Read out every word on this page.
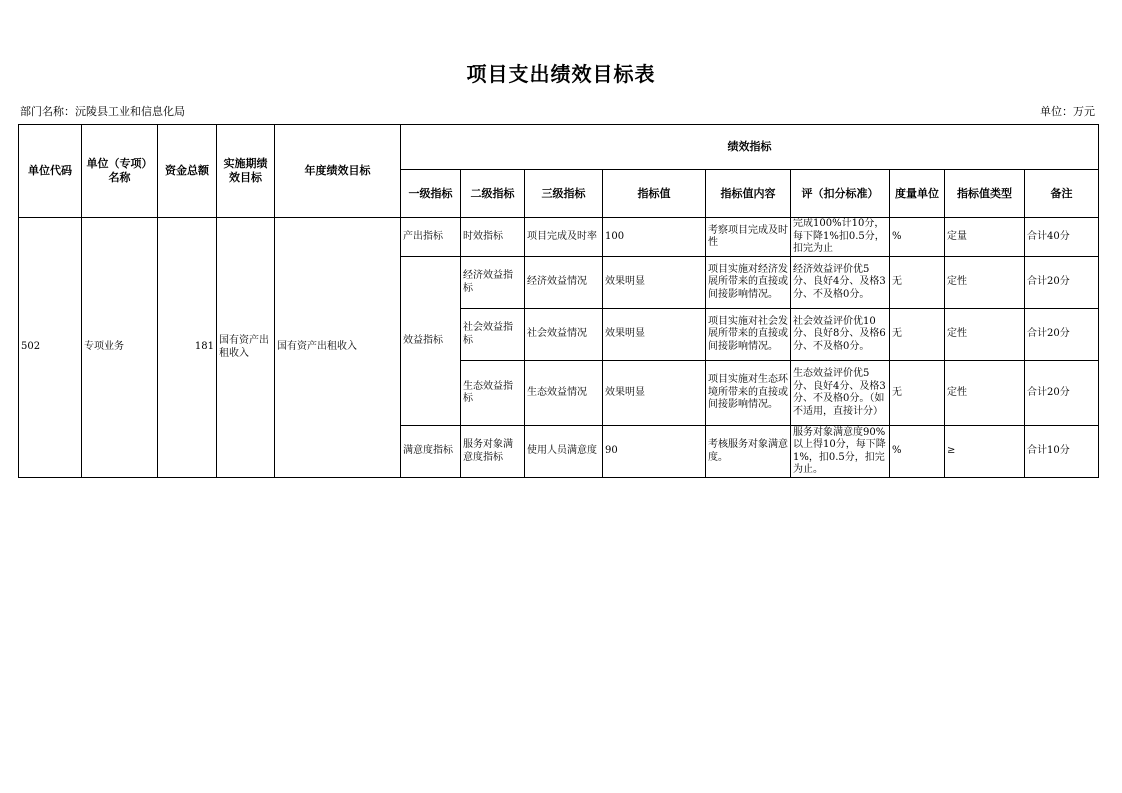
项目支出绩效目标表
部门名称：沅陵县工业和信息化局	单位：万元
单位代码	单位（专项）名称	资金总额	实施期绩效目标	年度绩效目标	绩效指标								
					一级指标	二级指标	三级指标	指标值	指标值内容	评（扣分标准）	度量单位	指标值类型	备注
502	专项业务	181	国有资产出租收入	国有资产出租收入	产出指标	时效指标	项目完成及时率	100	考察项目完成及时性	完成100%计10分，每下降1%扣0.5分，扣完为止	%	定量	合计40分
					效益指标	经济效益指标	经济效益情况	效果明显	项目实施对经济发展所带来的直接或间接影响情况。	经济效益评价优5分、良好4分、及格3分、不及格0分。	无	定性	合计20分
						社会效益指标	社会效益情况	效果明显	项目实施对社会发展所带来的直接或间接影响情况。	社会效益评价优10分、良好8分、及格6分、不及格0分。	无	定性	合计20分
						生态效益指标	生态效益情况	效果明显	项目实施对生态环境所带来的直接或间接影响情况。	生态效益评价优5分、良好4分、及格3分、不及格0分。（如不适用，直接计分）	无	定性	合计20分
					满意度指标	服务对象满意度指标	使用人员满意度	90	考核服务对象满意度。	服务对象满意度90%以上得10分，每下降1%，扣0.5分，扣完为止。	%	≥	合计10分
